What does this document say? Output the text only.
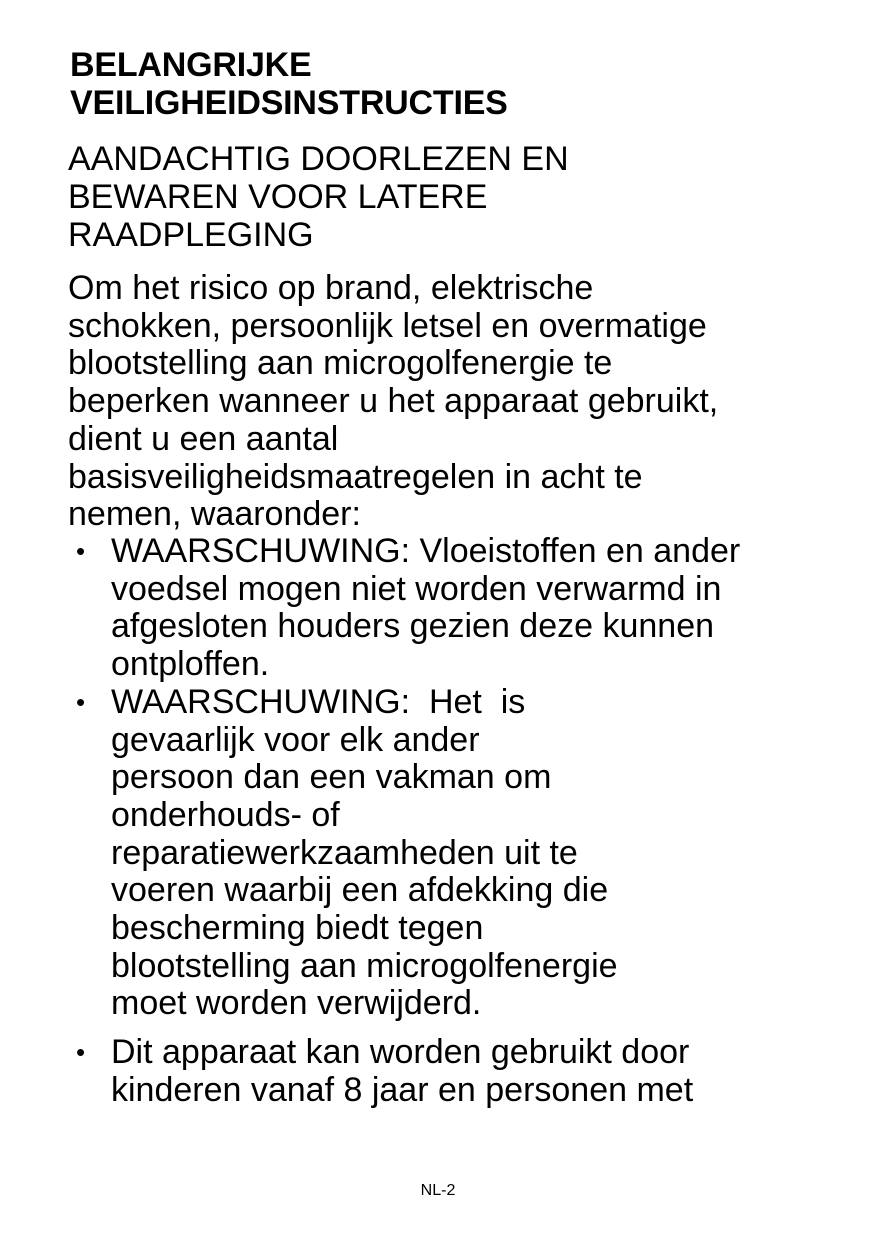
BELANGRIJKE
VEILIGHEIDSINSTRUCTIES
AANDACHTIG DOORLEZEN EN
BEWAREN VOOR LATERE
RAADPLEGING

Om het risico op brand, elektrische
schokken, persoonlijk letsel en overmatige
blootstelling aan microgolfenergie te
beperken wanneer u het apparaat gebruikt,
dient u een aantal
basisveiligheidsmaatregelen in acht te
nemen, waaronder:

• WAARSCHUWING: Vloeistoffen en ander
voedsel mogen niet worden verwarmd in
afgesloten houders gezien deze kunnen
ontploffen.
• WAARSCHUWING:  Het  is
gevaarlijk voor elk ander
persoon dan een vakman om
onderhouds- of
reparatiewerkzaamheden uit te
voeren waarbij een afdekking die
bescherming biedt tegen
blootstelling aan microgolfenergie
moet worden verwijderd.
• Dit apparaat kan worden gebruikt door
kinderen vanaf 8 jaar en personen met
NL-2
